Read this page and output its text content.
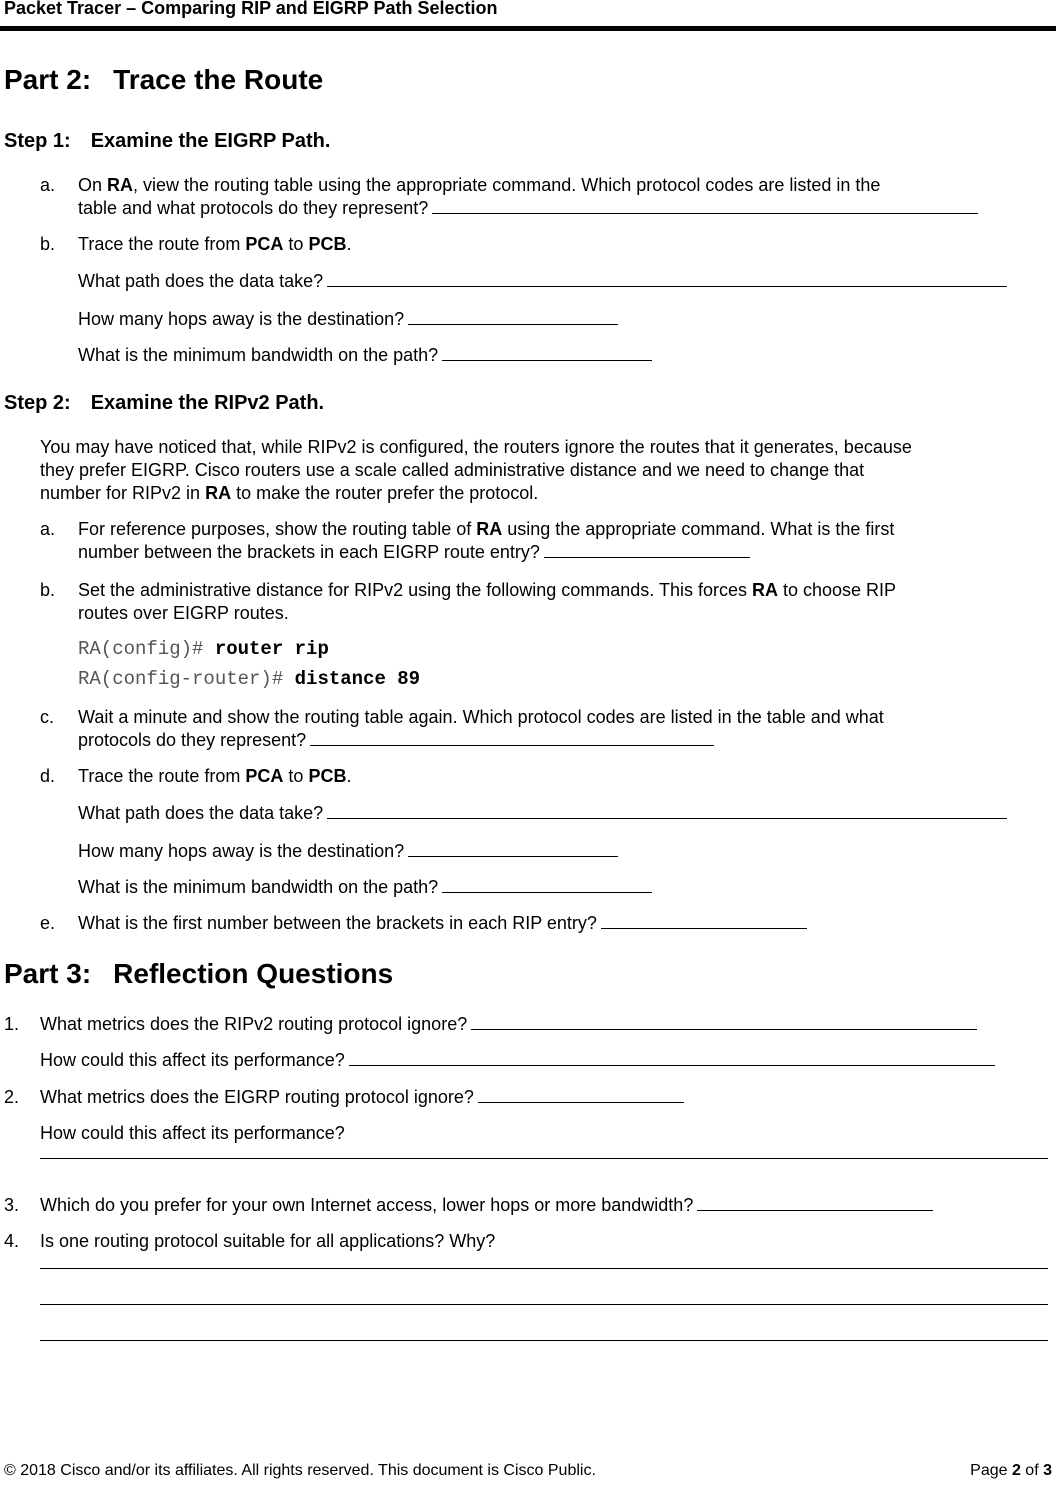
Packet Tracer – Comparing RIP and EIGRP Path Selection
Part 2: Trace the Route
Step 1: Examine the EIGRP Path.
a. On RA, view the routing table using the appropriate command. Which protocol codes are listed in the
table and what protocols do they represent?
b. Trace the route from PCA to PCB.
What path does the data take?
How many hops away is the destination?
What is the minimum bandwidth on the path?
Step 2: Examine the RIPv2 Path.
You may have noticed that, while RIPv2 is configured, the routers ignore the routes that it generates, because
they prefer EIGRP. Cisco routers use a scale called administrative distance and we need to change that
number for RIPv2 in RA to make the router prefer the protocol.
a. For reference purposes, show the routing table of RA using the appropriate command. What is the first
number between the brackets in each EIGRP route entry?
b. Set the administrative distance for RIPv2 using the following commands. This forces RA to choose RIP
routes over EIGRP routes.
RA(config)# router rip
RA(config-router)# distance 89
c. Wait a minute and show the routing table again. Which protocol codes are listed in the table and what
protocols do they represent?
d. Trace the route from PCA to PCB.
What path does the data take?
How many hops away is the destination?
What is the minimum bandwidth on the path?
e. What is the first number between the brackets in each RIP entry?
Part 3: Reflection Questions
1. What metrics does the RIPv2 routing protocol ignore?
How could this affect its performance?
2. What metrics does the EIGRP routing protocol ignore?
How could this affect its performance?
3. Which do you prefer for your own Internet access, lower hops or more bandwidth?
4. Is one routing protocol suitable for all applications? Why?
© 2018 Cisco and/or its affiliates. All rights reserved. This document is Cisco Public.	Page 2 of 3
